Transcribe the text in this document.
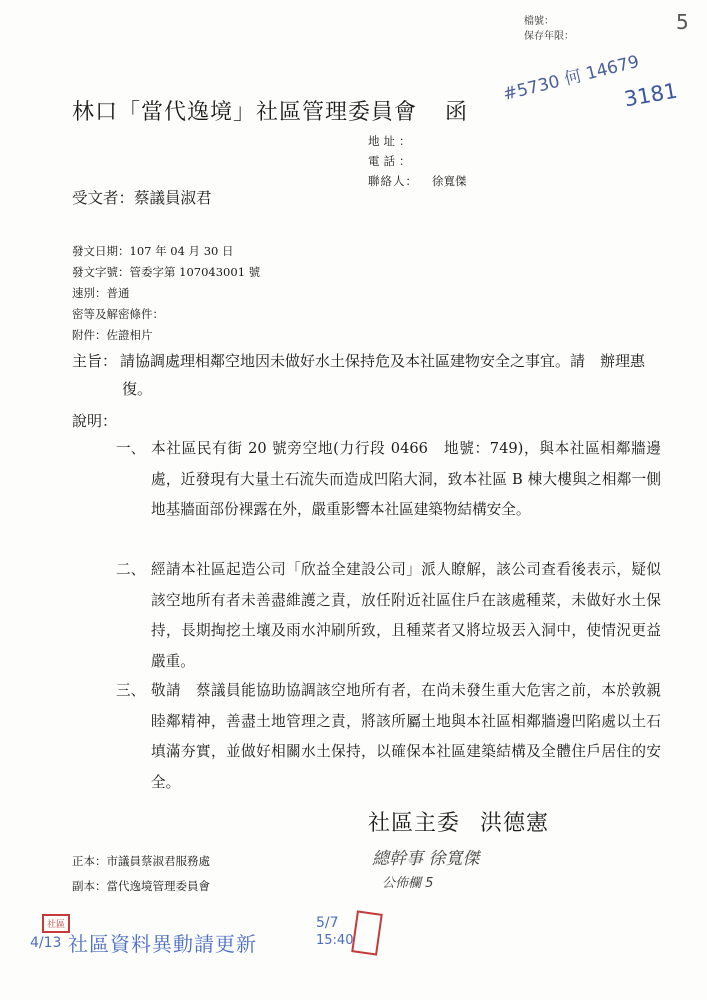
檔號：
保存年限：
5
#5730 何 14679
3181
林口「當代逸境」社區管理委員會 函
地址：
電話：
聯絡人： 徐寬傑
受文者：蔡議員淑君
發文日期：107 年 04 月 30 日
發文字號：管委字第 107043001 號
速別：普通
密等及解密條件：
附件：佐證相片
主旨： 請協調處理相鄰空地因未做好水土保持危及本社區建物安全之事宜。請　辦理惠復。
說明：
一、 本社區民有街 20 號旁空地(力行段 0466　地號：749)，與本社區相鄰牆邊處，近發現有大量土石流失而造成凹陷大洞，致本社區 B 棟大樓與之相鄰一側地基牆面部份裸露在外，嚴重影響本社區建築物結構安全。
二、 經請本社區起造公司「欣益全建設公司」派人瞭解，該公司查看後表示，疑似該空地所有者未善盡維護之責，放任附近社區住戶在該處種菜，未做好水土保持，長期掏挖土壤及雨水沖刷所致，且種菜者又將垃圾丟入洞中，使情況更益嚴重。
三、 敬請　蔡議員能協助協調該空地所有者，在尚未發生重大危害之前，本於敦親睦鄰精神，善盡土地管理之責，將該所屬土地與本社區相鄰牆邊凹陷處以土石填滿夯實，並做好相關水土保持，以確保本社區建築結構及全體住戶居住的安全。
社區主委 洪德憲
總幹事 徐寬傑
公佈欄 5
正本：市議員蔡淑君服務處
副本：當代逸境管理委員會
4/13
社區
社區資料異動請更新
5/7
15:40
